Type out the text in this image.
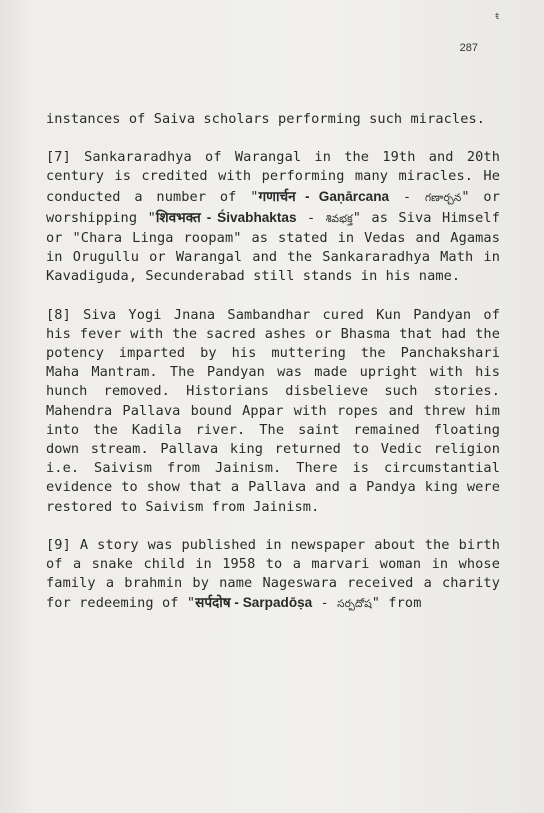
ŧ
287

instances of Saiva scholars performing such miracles.

[7] Sankararadhya of Warangal in the 19th and 20th century is credited with performing many miracles. He conducted a number of "गणार्चन - Gaṇārcana - గణార్చన" or worshipping "शिवभक्त - Śivabhaktas - శివభక్త" as Siva Himself or "Chara Linga roopam" as stated in Vedas and Agamas in Orugullu or Warangal and the Sankararadhya Math in Kavadiguda, Secunderabad still stands in his name.

[8] Siva Yogi Jnana Sambandhar cured Kun Pandyan of his fever with the sacred ashes or Bhasma that had the potency imparted by his muttering the Panchakshari Maha Mantram. The Pandyan was made upright with his hunch removed. Historians disbelieve such stories. Mahendra Pallava bound Appar with ropes and threw him into the Kadila river. The saint remained floating down stream. Pallava king returned to Vedic religion i.e. Saivism from Jainism. There is circumstantial evidence to show that a Pallava and a Pandya king were restored to Saivism from Jainism.

[9] A story was published in newspaper about the birth of a snake child in 1958 to a marvari woman in whose family a brahmin by name Nageswara received a charity for redeeming of "सर्पदोष - Sarpadōṣa - సర్పదోష" from
